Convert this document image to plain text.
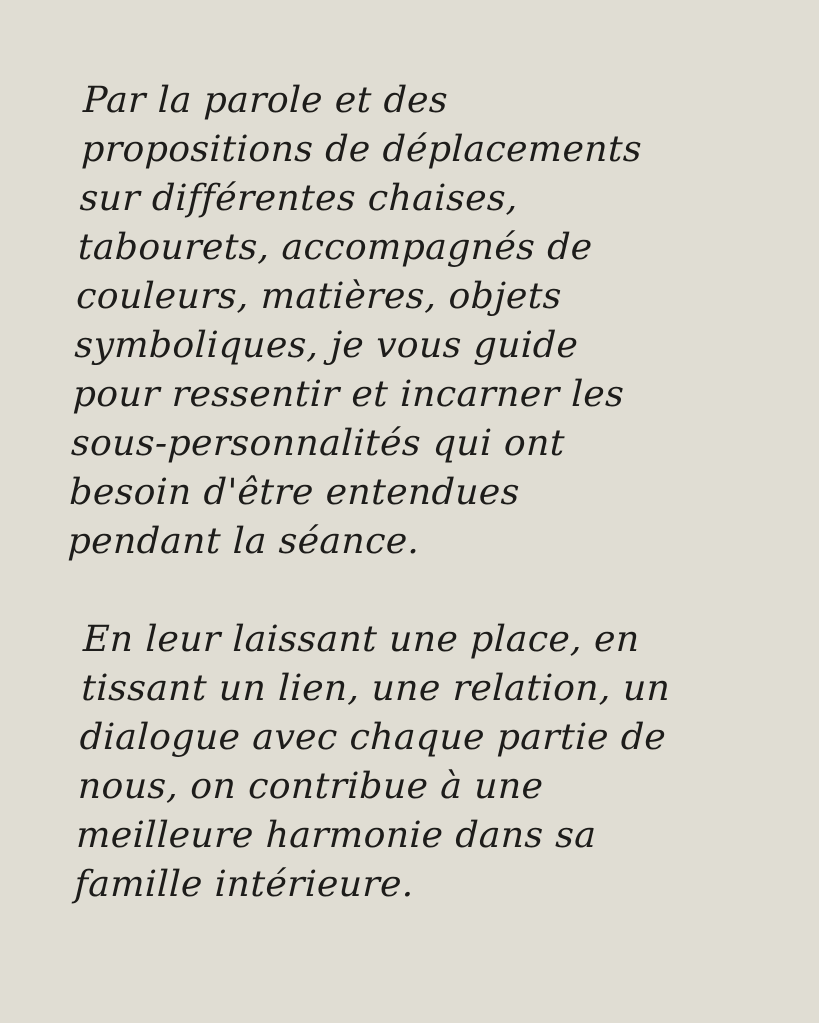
Par la parole et des
propositions de déplacements
sur différentes chaises,
tabourets, accompagnés de
couleurs, matières, objets
symboliques, je vous guide
pour ressentir et incarner les
sous-personnalités qui ont
besoin d'être entendues
pendant la séance.

En leur laissant une place, en
tissant un lien, une relation, un
dialogue avec chaque partie de
nous, on contribue à une
meilleure harmonie dans sa
famille intérieure.
